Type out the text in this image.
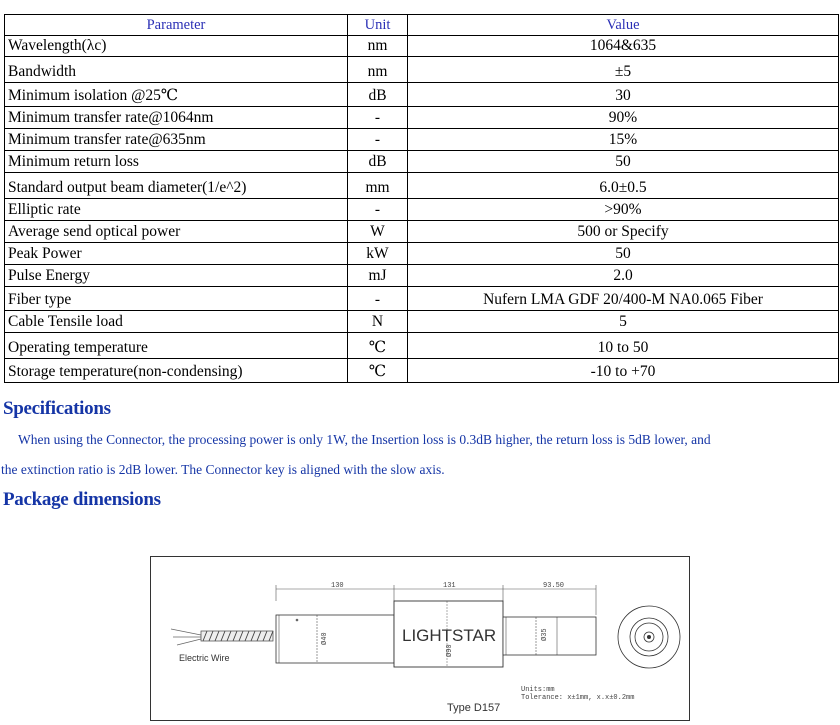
Parameter	Unit	Value
Wavelength(λc)	nm	1064&635
Bandwidth	nm	±5
Minimum isolation @25℃	dB	30
Minimum transfer rate@1064nm	-	90%
Minimum transfer rate@635nm	-	15%
Minimum return loss	dB	50
Standard output beam diameter(1/e^2)	mm	6.0±0.5
Elliptic rate	-	>90%
Average send optical power	W	500 or Specify
Peak Power	kW	50
Pulse Energy	mJ	2.0
Fiber type	-	Nufern LMA GDF 20/400-M NA0.065 Fiber
Cable Tensile load	N	5
Operating temperature	℃	10 to 50
Storage temperature(non-condensing)	℃	-10 to +70
Specifications
When using the Connector, the processing power is only 1W, the Insertion loss is 0.3dB higher, the return loss is 5dB lower, and
the extinction ratio is 2dB lower. The Connector key is aligned with the slow axis.
Package dimensions
130	131	93.50
Electric Wire
Ø40	LIGHTSTAR
Ø90
Ø35
Units:mm
Tolerance: x±1mm, x.x±0.2mm
Type D157
